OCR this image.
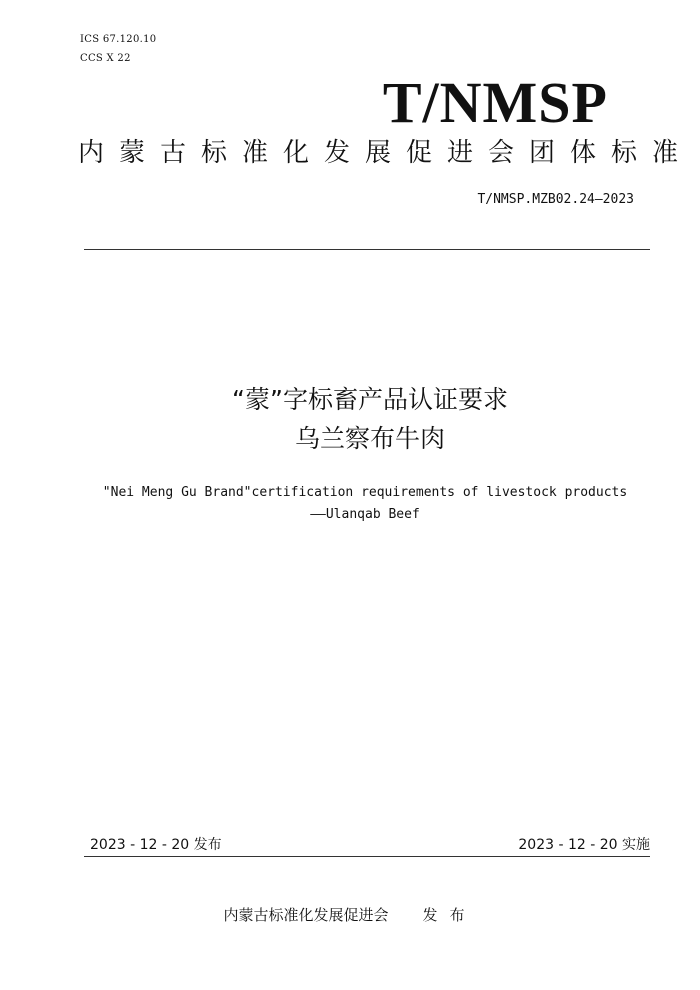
ICS 67.120.10
CCS X 22
T/NMSP
内蒙古标准化发展促进会团体标准
T/NMSP.MZB02.24—2023
“蒙”字标畜产品认证要求
乌兰察布牛肉
"Nei Meng Gu Brand"certification requirements of livestock products
——Ulanqab Beef
2023 - 12 - 20 发布	2023 - 12 - 20 实施
内蒙古标准化发展促进会 发布
